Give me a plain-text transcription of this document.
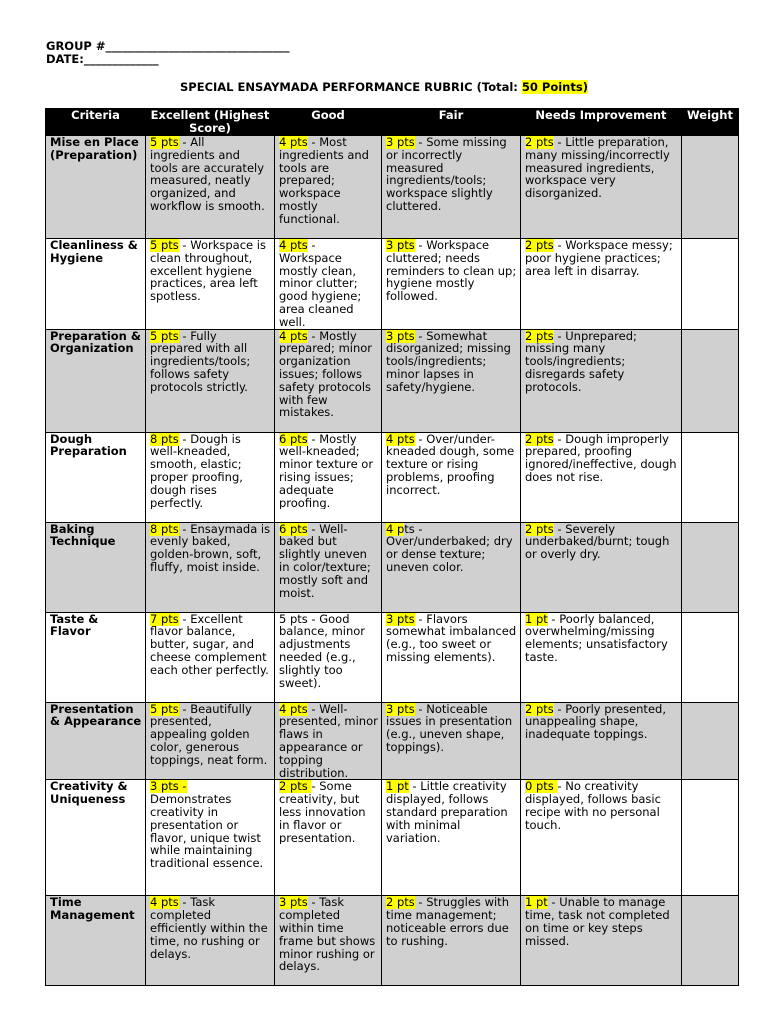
GROUP #________________________________
DATE:_____________
SPECIAL ENSAYMADA PERFORMANCE RUBRIC (Total: 50 Points)
Criteria	Excellent (Highest Score)	Good	Fair	Needs Improvement	Weight
Mise en Place (Preparation)	5 pts - All ingredients and tools are accurately measured, neatly organized, and workflow is smooth.	4 pts - Most ingredients and tools are prepared; workspace mostly functional.	3 pts - Some missing or incorrectly measured ingredients/tools; workspace slightly cluttered.	2 pts - Little preparation, many missing/incorrectly measured ingredients, workspace very disorganized.	

Cleanliness & Hygiene	5 pts - Workspace is clean throughout, excellent hygiene practices, area left spotless.	4 pts - Workspace mostly clean, minor clutter; good hygiene; area cleaned well.	3 pts - Workspace cluttered; needs reminders to clean up; hygiene mostly followed.	2 pts - Workspace messy; poor hygiene practices; area left in disarray.	

Preparation & Organization	5 pts - Fully prepared with all ingredients/tools; follows safety protocols strictly.	4 pts - Mostly prepared; minor organization issues; follows safety protocols with few mistakes.	3 pts - Somewhat disorganized; missing tools/ingredients; minor lapses in safety/hygiene.	2 pts - Unprepared; missing many tools/ingredients; disregards safety protocols.	

Dough Preparation	8 pts - Dough is well-kneaded, smooth, elastic; proper proofing, dough rises perfectly.	6 pts - Mostly well-kneaded; minor texture or rising issues; adequate proofing.	4 pts - Over/under-kneaded dough, some texture or rising problems, proofing incorrect.	2 pts - Dough improperly prepared, proofing ignored/ineffective, dough does not rise.	

Baking Technique	8 pts - Ensaymada is evenly baked, golden-brown, soft, fluffy, moist inside.	6 pts - Well-baked but slightly uneven in color/texture; mostly soft and moist.	4 pts - Over/underbaked; dry or dense texture; uneven color.	2 pts - Severely underbaked/burnt; tough or overly dry.	

Taste & Flavor	7 pts - Excellent flavor balance, butter, sugar, and cheese complement each other perfectly.	5 pts - Good balance, minor adjustments needed (e.g., slightly too sweet).	3 pts - Flavors somewhat imbalanced (e.g., too sweet or missing elements).	1 pt - Poorly balanced, overwhelming/missing elements; unsatisfactory taste.	

Presentation & Appearance	5 pts - Beautifully presented, appealing golden color, generous toppings, neat form.	4 pts - Well-presented, minor flaws in appearance or topping distribution.	3 pts - Noticeable issues in presentation (e.g., uneven shape, toppings).	2 pts - Poorly presented, unappealing shape, inadequate toppings.	

Creativity & Uniqueness	3 pts - Demonstrates creativity in presentation or flavor, unique twist while maintaining traditional essence.	2 pts - Some creativity, but less innovation in flavor or presentation.	1 pt - Little creativity displayed, follows standard preparation with minimal variation.	0 pts - No creativity displayed, follows basic recipe with no personal touch.	

Time Management	4 pts - Task completed efficiently within the time, no rushing or delays.	3 pts - Task completed within time frame but shows minor rushing or delays.	2 pts - Struggles with time management; noticeable errors due to rushing.	1 pt - Unable to manage time, task not completed on time or key steps missed.	
